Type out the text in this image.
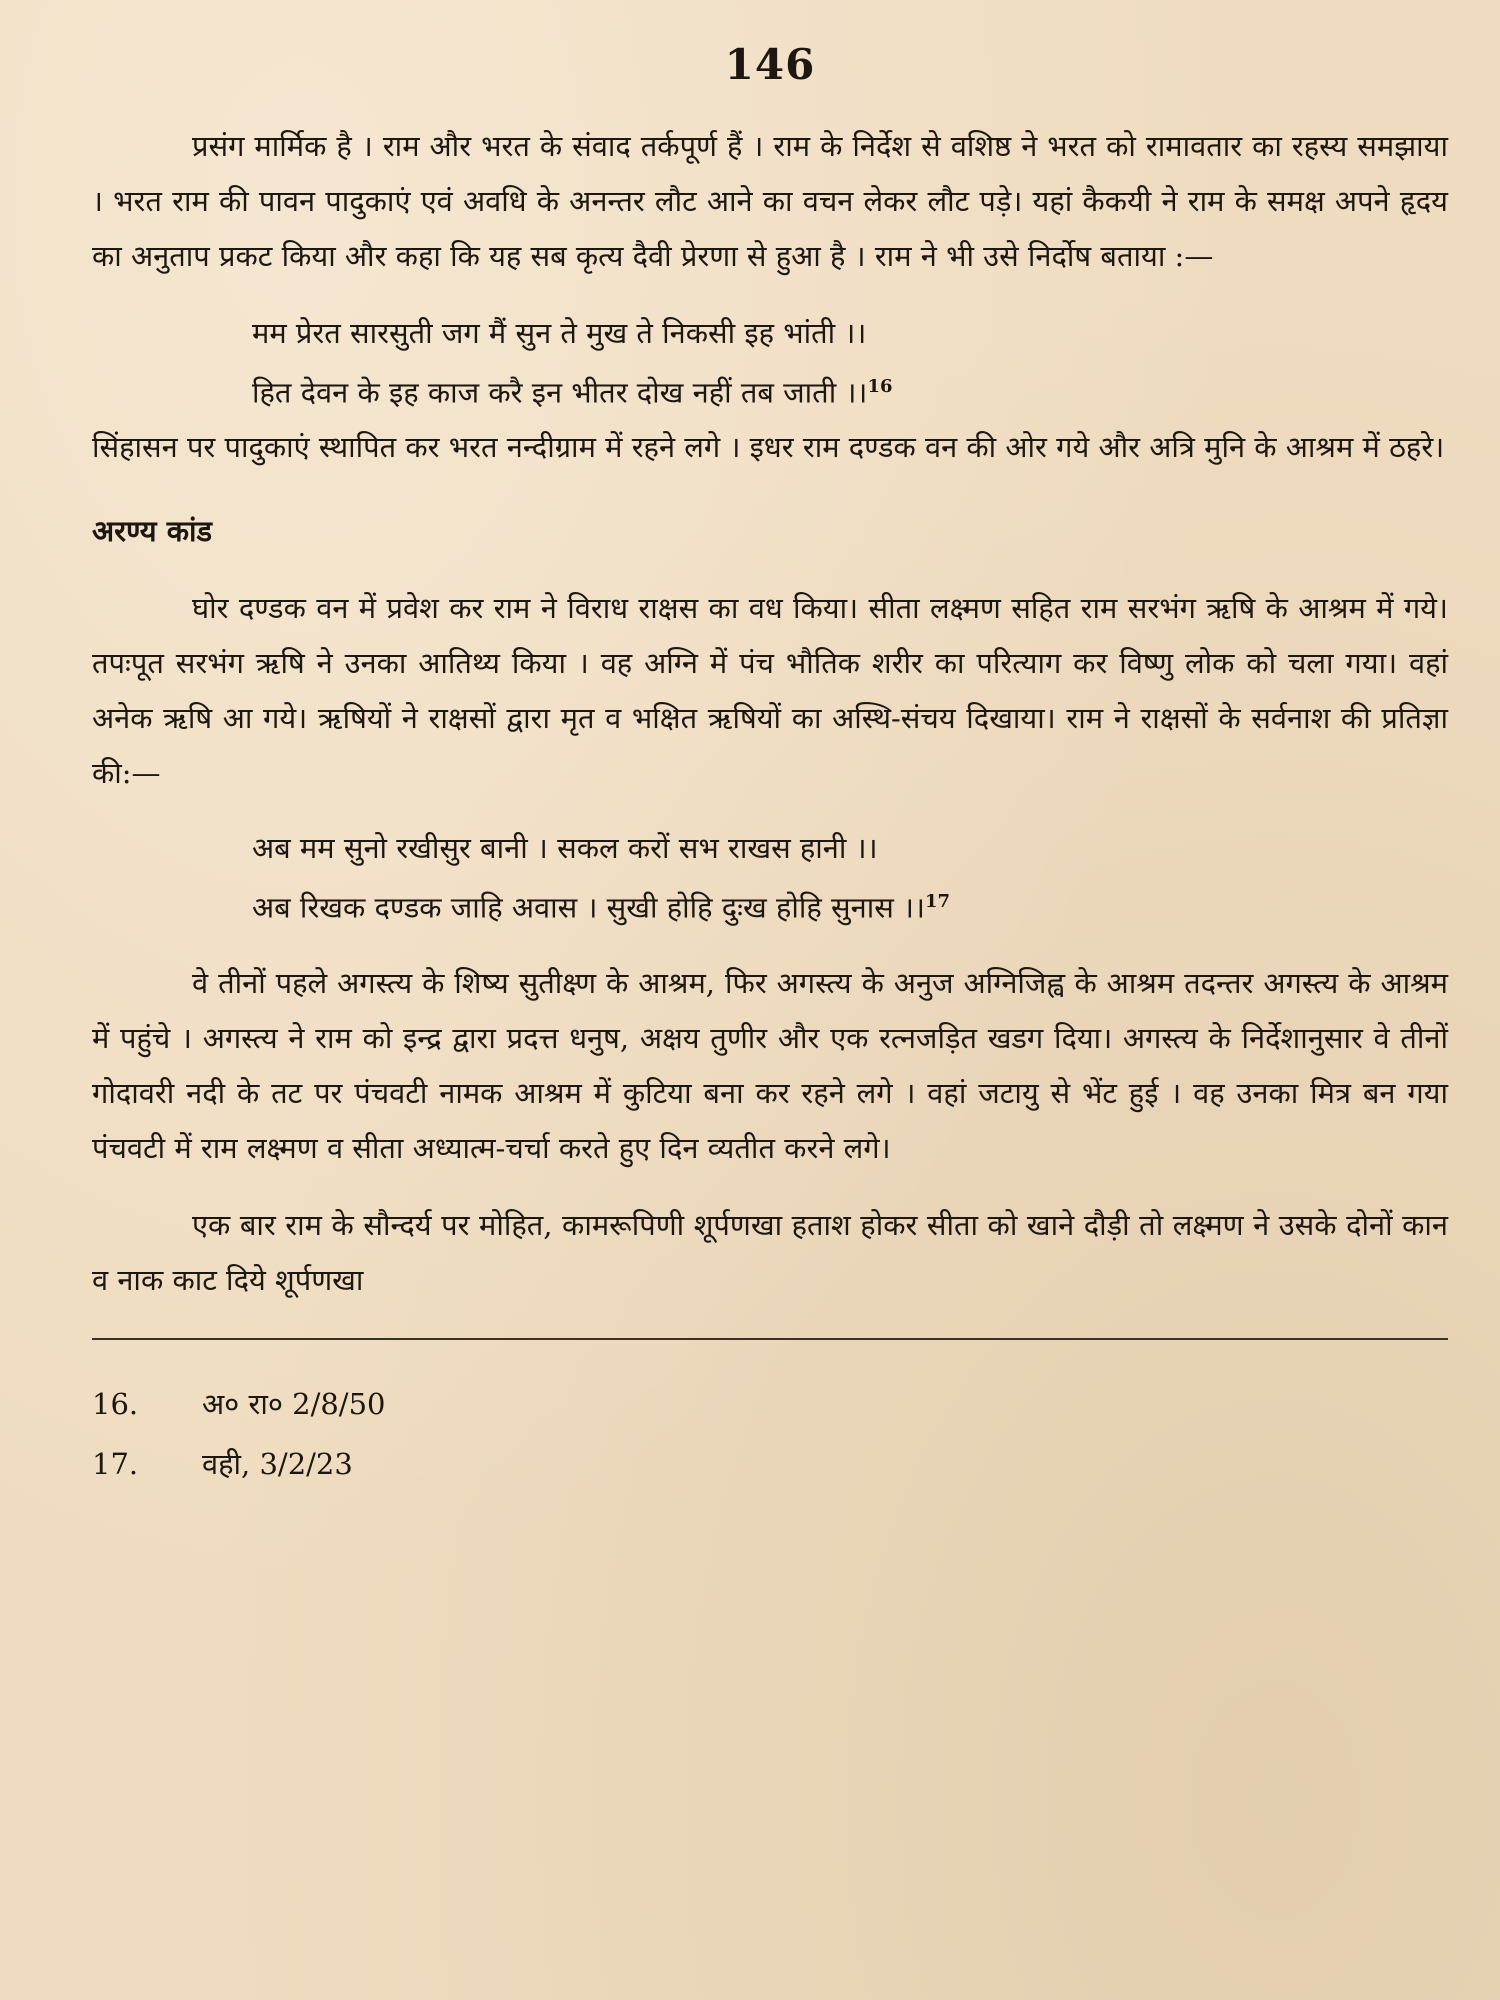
146

प्रसंग मार्मिक है । राम और भरत के संवाद तर्कपूर्ण हैं । राम के निर्देश से वशिष्ठ ने भरत को रामावतार का रहस्य समझाया । भरत राम की पावन पादुकाएं एवं अवधि के अनन्तर लौट आने का वचन लेकर लौट पड़े। यहां कैकयी ने राम के समक्ष अपने हृदय का अनुताप प्रकट किया और कहा कि यह सब कृत्य दैवी प्रेरणा से हुआ है । राम ने भी उसे निर्दोष बताया :—

मम प्रेरत सारसुती जग मैं सुन ते मुख ते निकसी इह भांती ।।

हित देवन के इह काज करै इन भीतर दोख नहीं तब जाती ।।$^{16}$

सिंहासन पर पादुकाएं स्थापित कर भरत नन्दीग्राम में रहने लगे । इधर राम दण्डक वन की ओर गये और अत्रि मुनि के आश्रम में ठहरे।

अरण्य कांड

घोर दण्डक वन में प्रवेश कर राम ने विराध राक्षस का वध किया। सीता लक्ष्मण सहित राम सरभंग ऋषि के आश्रम में गये। तपःपूत सरभंग ऋषि ने उनका आतिथ्य किया । वह अग्नि में पंच भौतिक शरीर का परित्याग कर विष्णु लोक को चला गया। वहां अनेक ऋषि आ गये। ऋषियों ने राक्षसों द्वारा मृत व भक्षित ऋषियों का अस्थि-संचय दिखाया। राम ने राक्षसों के सर्वनाश की प्रतिज्ञा की:—

अब मम सुनो रखीसुर बानी । सकल करों सभ राखस हानी ।।

अब रिखक दण्डक जाहि अवास । सुखी होहि दुःख होहि सुनास ।।$^{17}$

वे तीनों पहले अगस्त्य के शिष्य सुतीक्ष्ण के आश्रम, फिर अगस्त्य के अनुज अग्निजिह्व के आश्रम तदन्तर अगस्त्य के आश्रम में पहुंचे । अगस्त्य ने राम को इन्द्र द्वारा प्रदत्त धनुष, अक्षय तुणीर और एक रत्नजड़ित खडग दिया। अगस्त्य के निर्देशानुसार वे तीनों गोदावरी नदी के तट पर पंचवटी नामक आश्रम में कुटिया बना कर रहने लगे । वहां जटायु से भेंट हुई । वह उनका मित्र बन गया पंचवटी में राम लक्ष्मण व सीता अध्यात्म-चर्चा करते हुए दिन व्यतीत करने लगे।

एक बार राम के सौन्दर्य पर मोहित, कामरूपिणी शूर्पणखा हताश होकर सीता को खाने दौड़ी तो लक्ष्मण ने उसके दोनों कान व नाक काट दिये शूर्पणखा

16.	अ० रा० 2/8/50
17.	वही, 3/2/23
